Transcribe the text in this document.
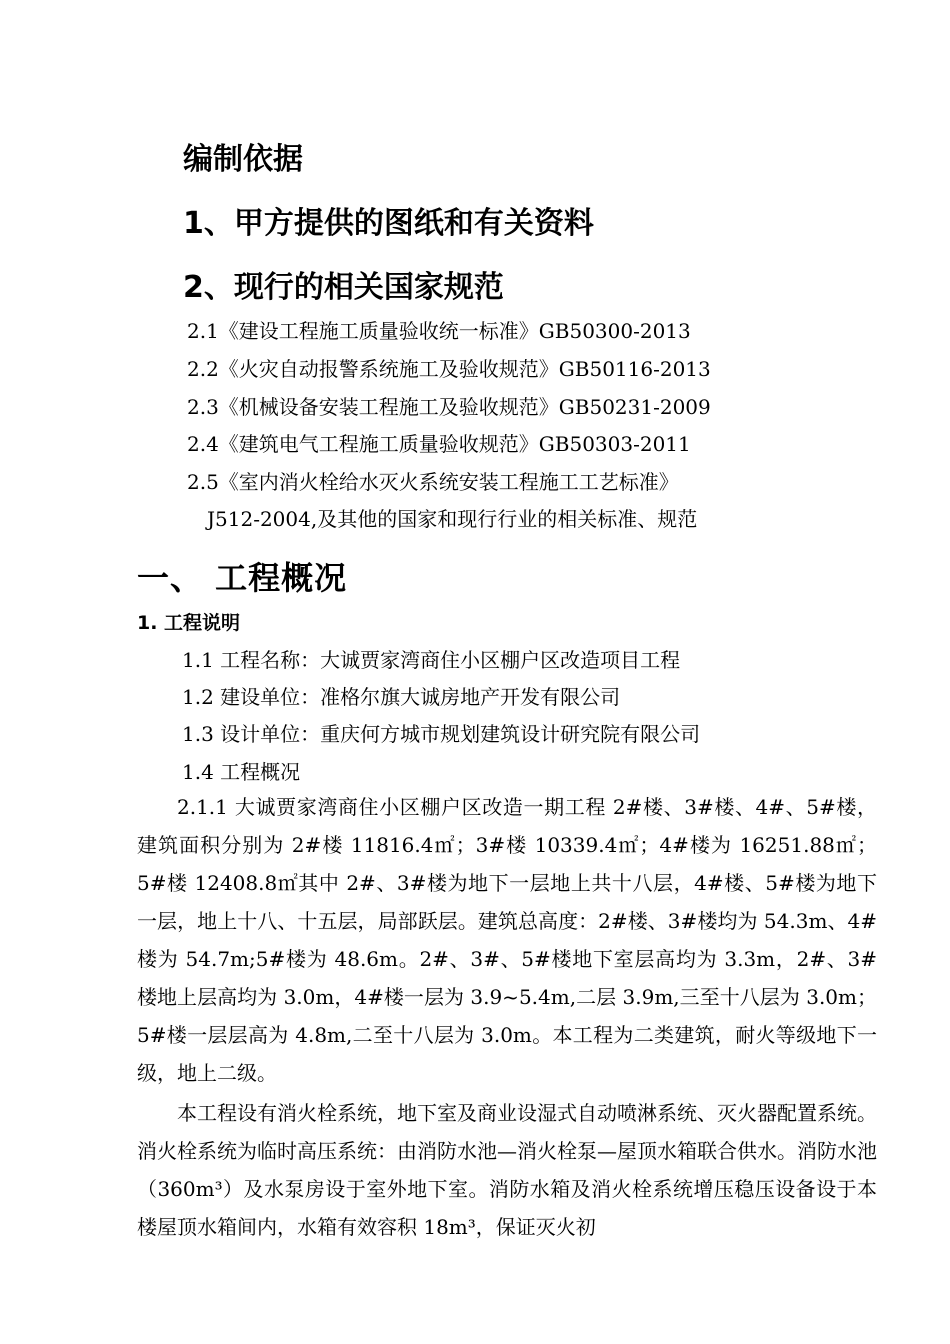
编制依据
1、甲方提供的图纸和有关资料
2、现行的相关国家规范
2.1《建设工程施工质量验收统一标准》GB50300-2013
2.2《火灾自动报警系统施工及验收规范》GB50116-2013
2.3《机械设备安装工程施工及验收规范》GB50231-2009
2.4《建筑电气工程施工质量验收规范》GB50303-2011
2.5《室内消火栓给水灭火系统安装工程施工工艺标准》
J512-2004,及其他的国家和现行行业的相关标准、规范
一、 工程概况
1. 工程说明
1.1 工程名称：大诚贾家湾商住小区棚户区改造项目工程
1.2 建设单位：准格尔旗大诚房地产开发有限公司
1.3 设计单位：重庆何方城市规划建筑设计研究院有限公司
1.4 工程概况
2.1.1 大诚贾家湾商住小区棚户区改造一期工程 2#楼、3#楼、4#、5#楼，建筑面积分别为 2#楼 11816.4㎡；3#楼 10339.4㎡；4#楼为 16251.88㎡；5#楼 12408.8㎡其中 2#、3#楼为地下一层地上共十八层，4#楼、5#楼为地下一层，地上十八、十五层，局部跃层。建筑总高度：2#楼、3#楼均为 54.3m、4#楼为 54.7m;5#楼为 48.6m。2#、3#、5#楼地下室层高均为 3.3m，2#、3#楼地上层高均为 3.0m，4#楼一层为 3.9~5.4m,二层 3.9m,三至十八层为 3.0m；5#楼一层层高为 4.8m,二至十八层为 3.0m。本工程为二类建筑，耐火等级地下一级，地上二级。
本工程设有消火栓系统，地下室及商业设湿式自动喷淋系统、灭火器配置系统。消火栓系统为临时高压系统：由消防水池—消火栓泵—屋顶水箱联合供水。消防水池（360m³）及水泵房设于室外地下室。消防水箱及消火栓系统增压稳压设备设于本楼屋顶水箱间内，水箱有效容积 18m³，保证灭火初
